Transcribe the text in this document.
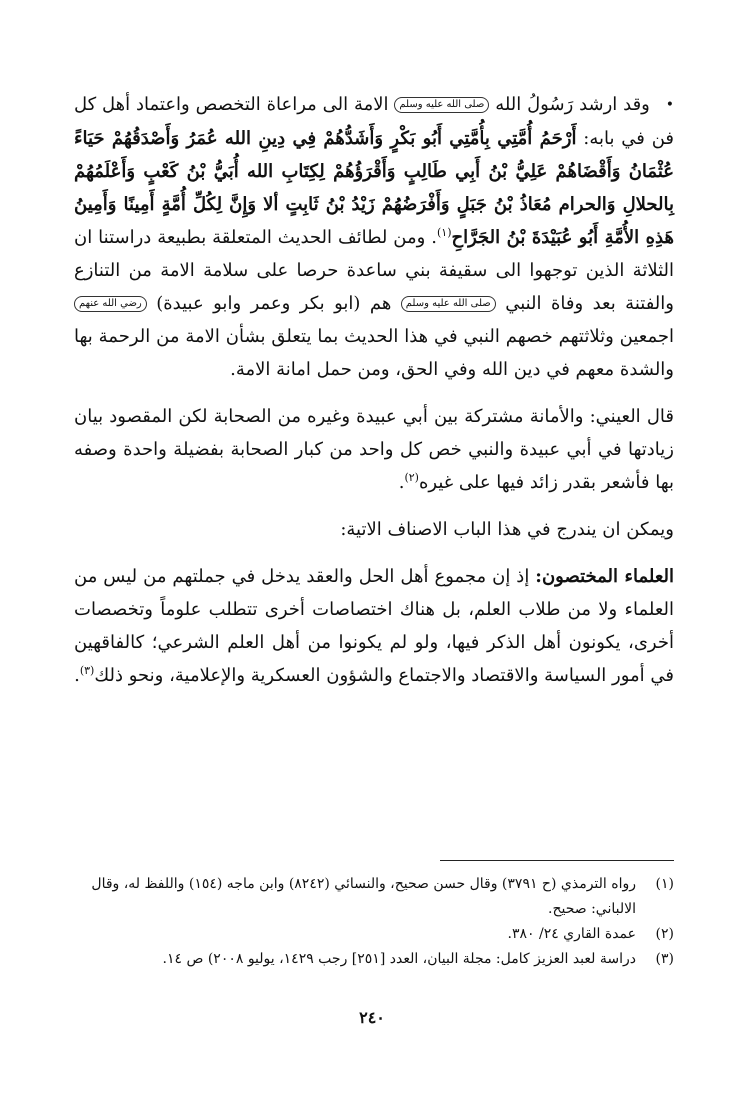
• وقد ارشد رَسُولُ الله صلى الله عليه وسلم الامة الى مراعاة التخصص واعتماد أهل كل فن في بابه: أَرْحَمُ أُمَّتِي بِأُمَّتِي أَبُو بَكْرٍ وَأَشَدُّهُمْ فِي دِينِ الله عُمَرُ وَأَصْدَقُهُمْ حَيَاءً عُثْمَانُ وَأَقْضَاهُمْ عَلِيُّ بْنُ أَبِي طَالِبٍ وَأَقْرَؤُهُمْ لِكِتَابِ الله أُبَيُّ بْنُ كَعْبٍ وَأَعْلَمُهُمْ بِالحلالِ وَالحرام مُعَاذُ بْنُ جَبَلٍ وَأَفْرَضُهُمْ زَيْدُ بْنُ ثَابِتٍ ألا وَإِنَّ لِكُلِّ أُمَّةٍ أَمِينًا وَأَمِينُ هَذِهِ الأُمَّةِ أَبُو عُبَيْدَةَ بْنُ الجَرَّاحِ$^{(١)}$. ومن لطائف الحديث المتعلقة بطبيعة دراستنا ان الثلاثة الذين توجهوا الى سقيفة بني ساعدة حرصا على سلامة الامة من التنازع والفتنة بعد وفاة النبي صلى الله عليه وسلم هم (ابو بكر وعمر وابو عبيدة) رضي الله عنهم اجمعين وثلاثتهم خصهم النبي في هذا الحديث بما يتعلق بشأن الامة من الرحمة بها والشدة معهم في دين الله وفي الحق، ومن حمل امانة الامة.

قال العيني: والأمانة مشتركة بين أبي عبيدة وغيره من الصحابة لكن المقصود بيان زيادتها في أبي عبيدة والنبي خص كل واحد من كبار الصحابة بفضيلة واحدة وصفه بها فأشعر بقدر زائد فيها على غيره$^{(٢)}$.

ويمكن ان يندرج في هذا الباب الاصناف الاتية:

العلماء المختصون: إذ إن مجموع أهل الحل والعقد يدخل في جملتهم من ليس من العلماء ولا من طلاب العلم، بل هناك اختصاصات أخرى تتطلب علوماً وتخصصات أخرى، يكونون أهل الذكر فيها، ولو لم يكونوا من أهل العلم الشرعي؛ كالفاقهين في أمور السياسة والاقتصاد والاجتماع والشؤون العسكرية والإعلامية، ونحو ذلك$^{(٣)}$.

(١)
رواه الترمذي (ح ٣٧٩١) وقال حسن صحيح، والنسائي (٨٢٤٢) وابن ماجه (١٥٤) واللفظ له، وقال الالباني: صحيح.
(٢)
عمدة القاري ٢٤/ ٣٨٠.
(٣)
دراسة لعبد العزيز كامل: مجلة البيان، العدد [٢٥١] رجب ١٤٢٩، يوليو ٢٠٠٨) ص ١٤.
٢٤٠
